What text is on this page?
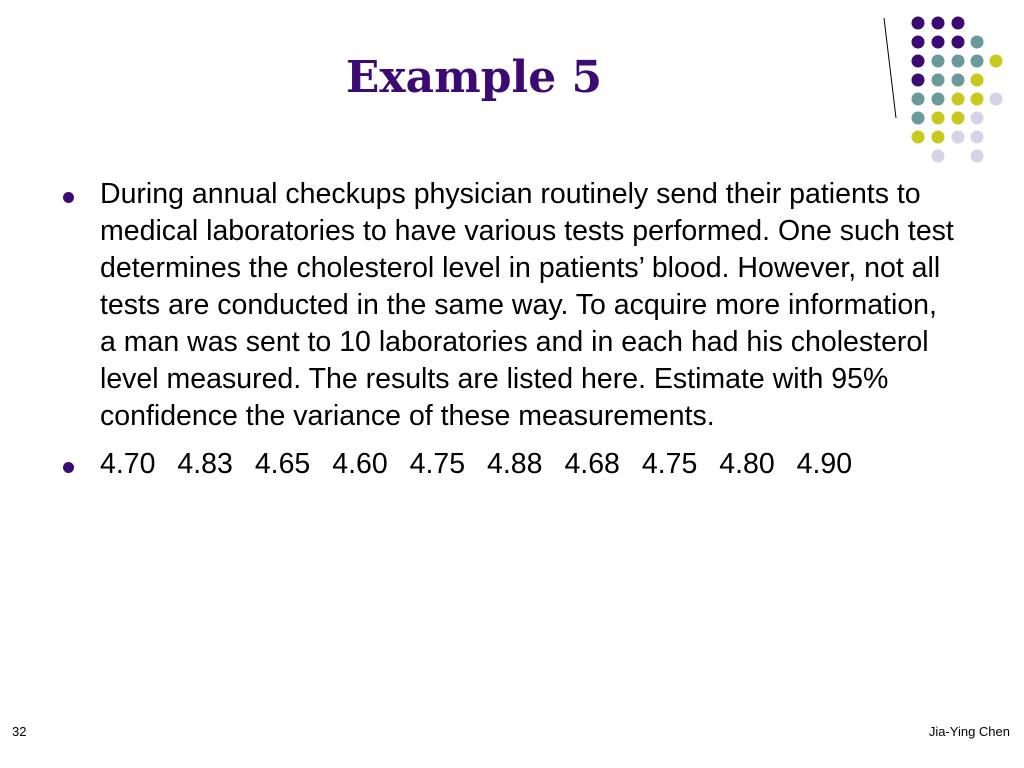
Example 5
During annual checkups physician routinely send their patients to medical laboratories to have various tests performed. One such test determines the cholesterol level in patients’ blood. However, not all tests are conducted in the same way. To acquire more information, a man was sent to 10 laboratories and in each had his cholesterol level measured. The results are listed here. Estimate with 95% confidence the variance of these measurements.
4.70 4.83 4.65 4.60 4.75 4.88 4.68 4.75 4.80 4.90
32	Jia-Ying Chen
